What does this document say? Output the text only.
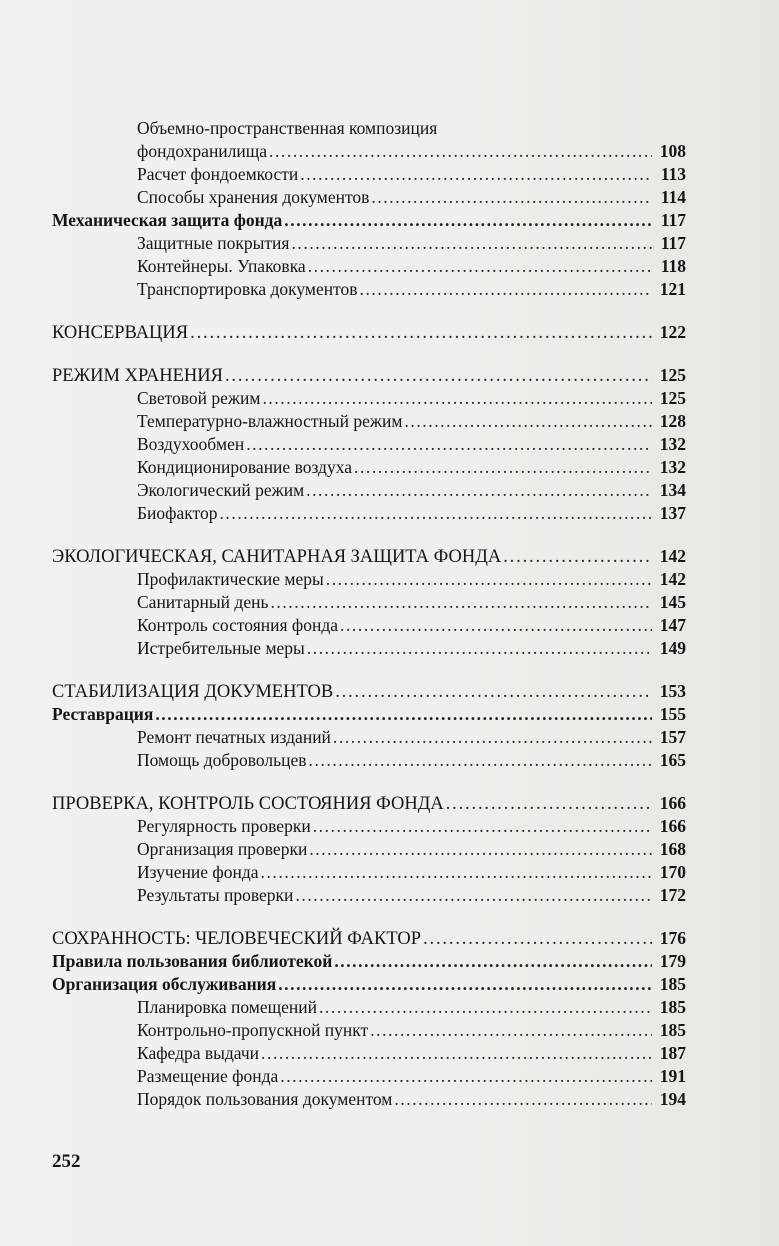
Объемно-пространственная композиция
фондохранилища . . .	108
Расчет фондоемкости . . .	113
Способы хранения документов . . .	114
Механическая защита фонда . . .	117
Защитные покрытия . . .	117
Контейнеры. Упаковка . . .	118
Транспортировка документов . . .	121
КОНСЕРВАЦИЯ . . .	122
РЕЖИМ ХРАНЕНИЯ . . .	125
Световой режим . . .	125
Температурно-влажностный режим . . .	128
Воздухообмен . . .	132
Кондиционирование воздуха . . .	132
Экологический режим . . .	134
Биофактор . . .	137
ЭКОЛОГИЧЕСКАЯ, САНИТАРНАЯ ЗАЩИТА ФОНДА . . .	142
Профилактические меры . . .	142
Санитарный день . . .	145
Контроль состояния фонда . . .	147
Истребительные меры . . .	149
СТАБИЛИЗАЦИЯ ДОКУМЕНТОВ . . .	153
Реставрация . . .	155
Ремонт печатных изданий . . .	157
Помощь добровольцев . . .	165
ПРОВЕРКА, КОНТРОЛЬ СОСТОЯНИЯ ФОНДА . . .	166
Регулярность проверки . . .	166
Организация проверки . . .	168
Изучение фонда . . .	170
Результаты проверки . . .	172
СОХРАННОСТЬ: ЧЕЛОВЕЧЕСКИЙ ФАКТОР . . .	176
Правила пользования библиотекой . . .	179
Организация обслуживания . . .	185
Планировка помещений . . .	185
Контрольно-пропускной пункт . . .	185
Кафедра выдачи . . .	187
Размещение фонда . . .	191
Порядок пользования документом . . .	194
252
